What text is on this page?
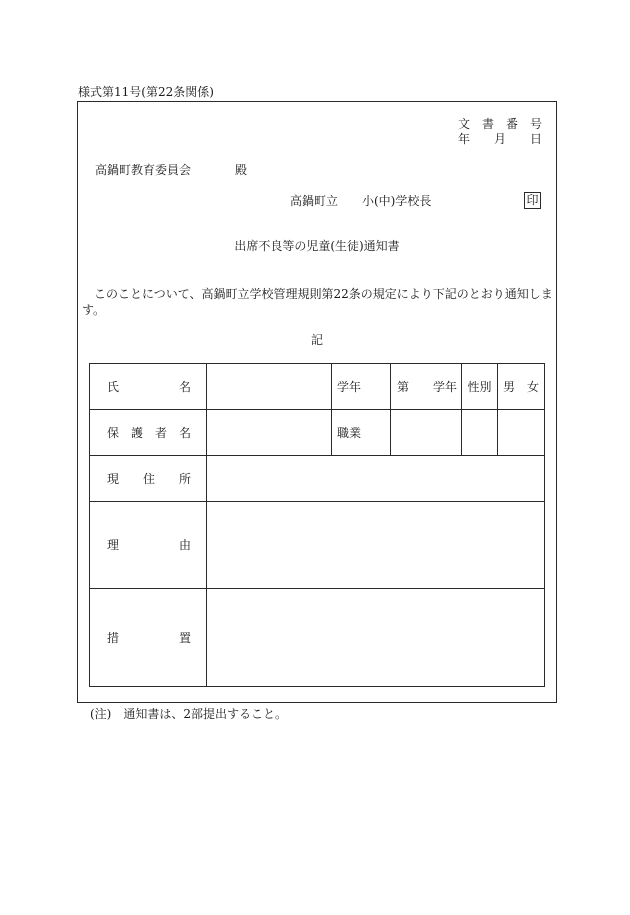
様式第11号(第22条関係)
文　書　番　号
年　　月　　日
高鍋町教育委員会	殿
高鍋町立 小(中)学校長	印
出席不良等の児童(生徒)通知書
このことについて、高鍋町立学校管理規則第22条の規定により下記のとおり通知します。
記
氏　　　　　名		学年	第　　学年	性別	男　女
保　護　者　名		職業			
現　　住　　所					
理　　　　　由					
措　　　　　置					
(注)　通知書は、2部提出すること。
